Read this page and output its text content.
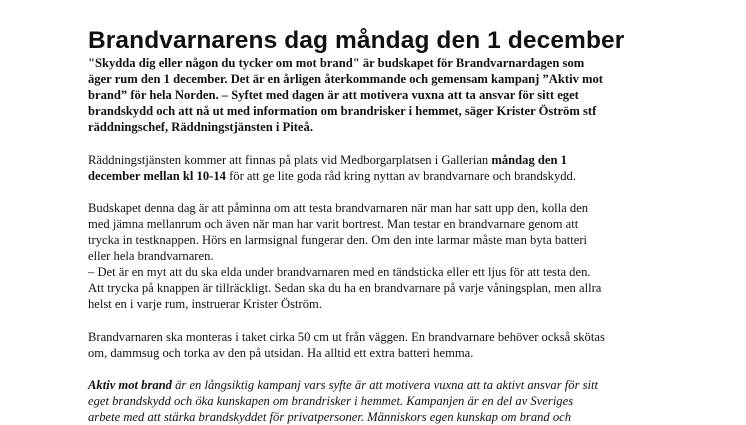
Brandvarnarens dag måndag den 1 december
"Skydda dig eller någon du tycker om mot brand" är budskapet för Brandvarnardagen som
äger rum den 1 december. Det är en årligen återkommande och gemensam kampanj ”Aktiv mot
brand” för hela Norden. – Syftet med dagen är att motivera vuxna att ta ansvar för sitt eget
brandskydd och att nå ut med information om brandrisker i hemmet, säger Krister Öström stf
räddningschef, Räddningstjänsten i Piteå.
Räddningstjänsten kommer att finnas på plats vid Medborgarplatsen i Gallerian måndag den 1
december mellan kl 10-14 för att ge lite goda råd kring nyttan av brandvarnare och brandskydd.
Budskapet denna dag är att påminna om att testa brandvarnaren när man har satt upp den, kolla den
med jämna mellanrum och även när man har varit bortrest. Man testar en brandvarnare genom att
trycka in testknappen. Hörs en larmsignal fungerar den. Om den inte larmar måste man byta batteri
eller hela brandvarnaren.
– Det är en myt att du ska elda under brandvarnaren med en tändsticka eller ett ljus för att testa den.
Att trycka på knappen är tillräckligt. Sedan ska du ha en brandvarnare på varje våningsplan, men allra
helst en i varje rum, instruerar Krister Öström.
Brandvarnaren ska monteras i taket cirka 50 cm ut från väggen. En brandvarnare behöver också skötas
om, dammsug och torka av den på utsidan. Ha alltid ett extra batteri hemma.
Aktiv mot brand är en långsiktig kampanj vars syfte är att motivera vuxna att ta aktivt ansvar för sitt
eget brandskydd och öka kunskapen om brandrisker i hemmet. Kampanjen är en del av Sveriges
arbete med att stärka brandskyddet för privatpersoner. Människors egen kunskap om brand och
